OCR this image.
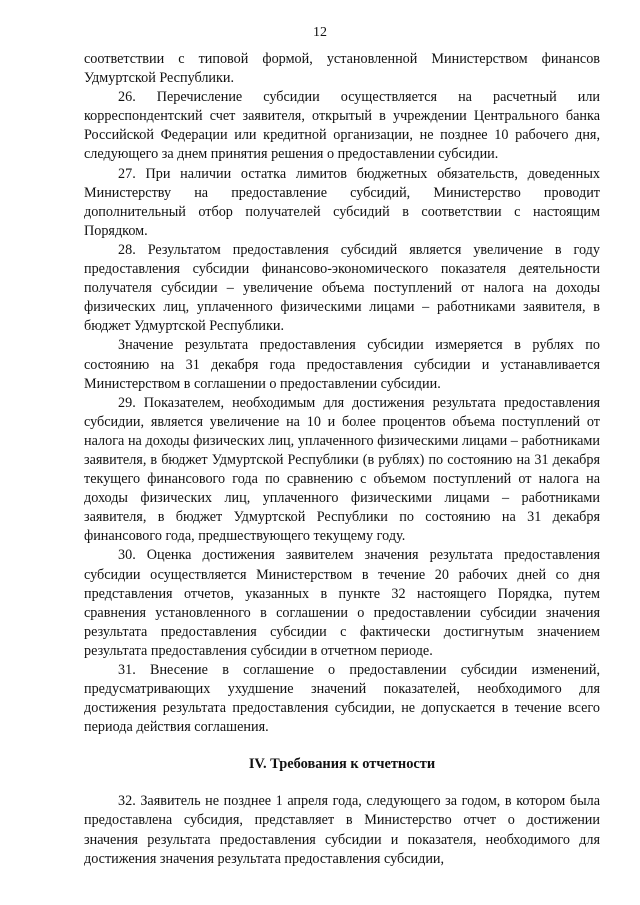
12

соответствии с типовой формой, установленной Министерством финансов Удмуртской Республики.

26. Перечисление субсидии осуществляется на расчетный или корреспондентский счет заявителя, открытый в учреждении Центрального банка Российской Федерации или кредитной организации, не позднее 10 рабочего дня, следующего за днем принятия решения о предоставлении субсидии.

27. При наличии остатка лимитов бюджетных обязательств, доведенных Министерству на предоставление субсидий, Министерство проводит дополнительный отбор получателей субсидий в соответствии с настоящим Порядком.

28. Результатом предоставления субсидий является увеличение в году предоставления субсидии финансово-экономического показателя деятельности получателя субсидии – увеличение объема поступлений от налога на доходы физических лиц, уплаченного физическими лицами – работниками заявителя, в бюджет Удмуртской Республики.

Значение результата предоставления субсидии измеряется в рублях по состоянию на 31 декабря года предоставления субсидии и устанавливается Министерством в соглашении о предоставлении субсидии.

29. Показателем, необходимым для достижения результата предоставления субсидии, является увеличение на 10 и более процентов объема поступлений от налога на доходы физических лиц, уплаченного физическими лицами – работниками заявителя, в бюджет Удмуртской Республики (в рублях) по состоянию на 31 декабря текущего финансового года по сравнению с объемом поступлений от налога на доходы физических лиц, уплаченного физическими лицами – работниками заявителя, в бюджет Удмуртской Республики по состоянию на 31 декабря финансового года, предшествующего текущему году.

30. Оценка достижения заявителем значения результата предоставления субсидии осуществляется Министерством в течение 20 рабочих дней со дня представления отчетов, указанных в пункте 32 настоящего Порядка, путем сравнения установленного в соглашении о предоставлении субсидии значения результата предоставления субсидии с фактически достигнутым значением результата предоставления субсидии в отчетном периоде.

31. Внесение в соглашение о предоставлении субсидии изменений, предусматривающих ухудшение значений показателей, необходимого для достижения результата предоставления субсидии, не допускается в течение всего периода действия соглашения.

IV. Требования к отчетности

32. Заявитель не позднее 1 апреля года, следующего за годом, в котором была предоставлена субсидия, представляет в Министерство отчет о достижении значения результата предоставления субсидии и показателя, необходимого для достижения значения результата предоставления субсидии,
